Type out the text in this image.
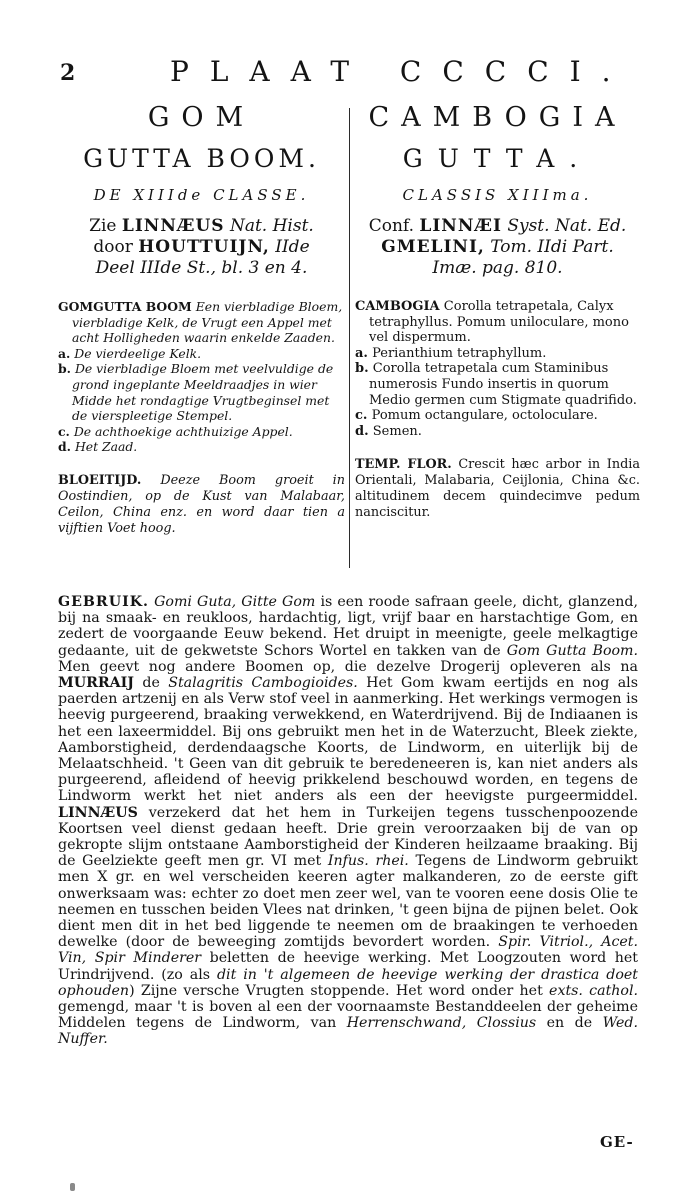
2	PLAAT CCCCI.
GOM
GUTTA BOOM.
DE XIIIde CLASSE.
Zie LINNÆUS Nat. Hist.
door HOUTTUIJN, IIde
Deel IIIde St., bl. 3 en 4.
GOMGUTTA BOOM Een vierbladige Bloem, vierbladige Kelk, de Vrugt een Appel met acht Holligheden waarin enkelde Zaaden.
a. De vierdeelige Kelk.
b. De vierbladige Bloem met veelvuldige de grond ingeplante Meeldraadjes in wier Midde het rondagtige Vrugtbeginsel met de vierspleetige Stempel.
c. De achthoekige achthuizige Appel.
d. Het Zaad.
BLOEITIJD. Deeze Boom groeit in Oostindien, op de Kust van Malabaar, Ceilon, China enz. en word daar tien a vijftien Voet hoog.
CAMBOGIA
GUTTA.
CLASSIS XIIIma.
Conf. LINNÆI Syst. Nat. Ed.
GMELINI, Tom. IIdi Part.
Imæ. pag. 810.
CAMBOGIA Corolla tetrapetala, Calyx tetraphyllus. Pomum uniloculare, mono vel dispermum.
a. Perianthium tetraphyllum.
b. Corolla tetrapetala cum Staminibus numerosis Fundo insertis in quorum Medio germen cum Stigmate quadrifido.
c. Pomum octangulare, octoloculare.
d. Semen.
TEMP. FLOR. Crescit hæc arbor in India Orientali, Malabaria, Ceijlonia, China &c. altitudinem decem quindecimve pedum nanciscitur.
GEBRUIK. Gomi Guta, Gitte Gom is een roode safraan geele, dicht, glanzend, bij na smaak- en reukloos, hardachtig, ligt, vrijf baar en harstachtige Gom, en zedert de voorgaande Eeuw bekend. Het druipt in meenigte, geele melkagtige gedaante, uit de gekwetste Schors Wortel en takken van de Gom Gutta Boom. Men geevt nog andere Boomen op, die dezelve Drogerij opleveren als na MURRAIJ de Stalagritis Cambogioides. Het Gom kwam eertijds en nog als paerden artzenij en als Verw stof veel in aanmerking. Het werkings vermogen is heevig purgeerend, braaking verwekkend, en Waterdrijvend. Bij de Indiaanen is het een laxeermiddel. Bij ons gebruikt men het in de Waterzucht, Bleek ziekte, Aamborstigheid, derdendaagsche Koorts, de Lindworm, en uiterlijk bij de Melaatschheid. 't Geen van dit gebruik te beredeneeren is, kan niet anders als purgeerend, afleidend of heevig prikkelend beschouwd worden, en tegens de Lindworm werkt het niet anders als een der heevigste purgeermiddel. LINNÆUS verzekerd dat het hem in Turkeijen tegens tusschenpoozende Koortsen veel dienst gedaan heeft. Drie grein veroorzaaken bij de van op gekropte slijm ontstaane Aamborstigheid der Kinderen heilzaame braaking. Bij de Geelziekte geeft men gr. VI met Infus. rhei. Tegens de Lindworm gebruikt men X gr. en wel verscheiden keeren agter malkanderen, zo de eerste gift onwerksaam was: echter zo doet men zeer wel, van te vooren eene dosis Olie te neemen en tusschen beiden Vlees nat drinken, 't geen bijna de pijnen belet. Ook dient men dit in het bed liggende te neemen om de braakingen te verhoeden dewelke (door de beweeging zomtijds bevordert worden. Spir. Vitriol., Acet. Vin, Spir Minderer beletten de heevige werking. Met Loogzouten word het Urindrijvend. (zo als dit in 't algemeen de heevige werking der drastica doet ophouden) Zijne versche Vrugten stoppende. Het word onder het exts. cathol. gemengd, maar 't is boven al een der voornaamste Bestanddeelen der geheime Middelen tegens de Lindworm, van Herrenschwand, Clossius en de Wed. Nuffer.
GE-
